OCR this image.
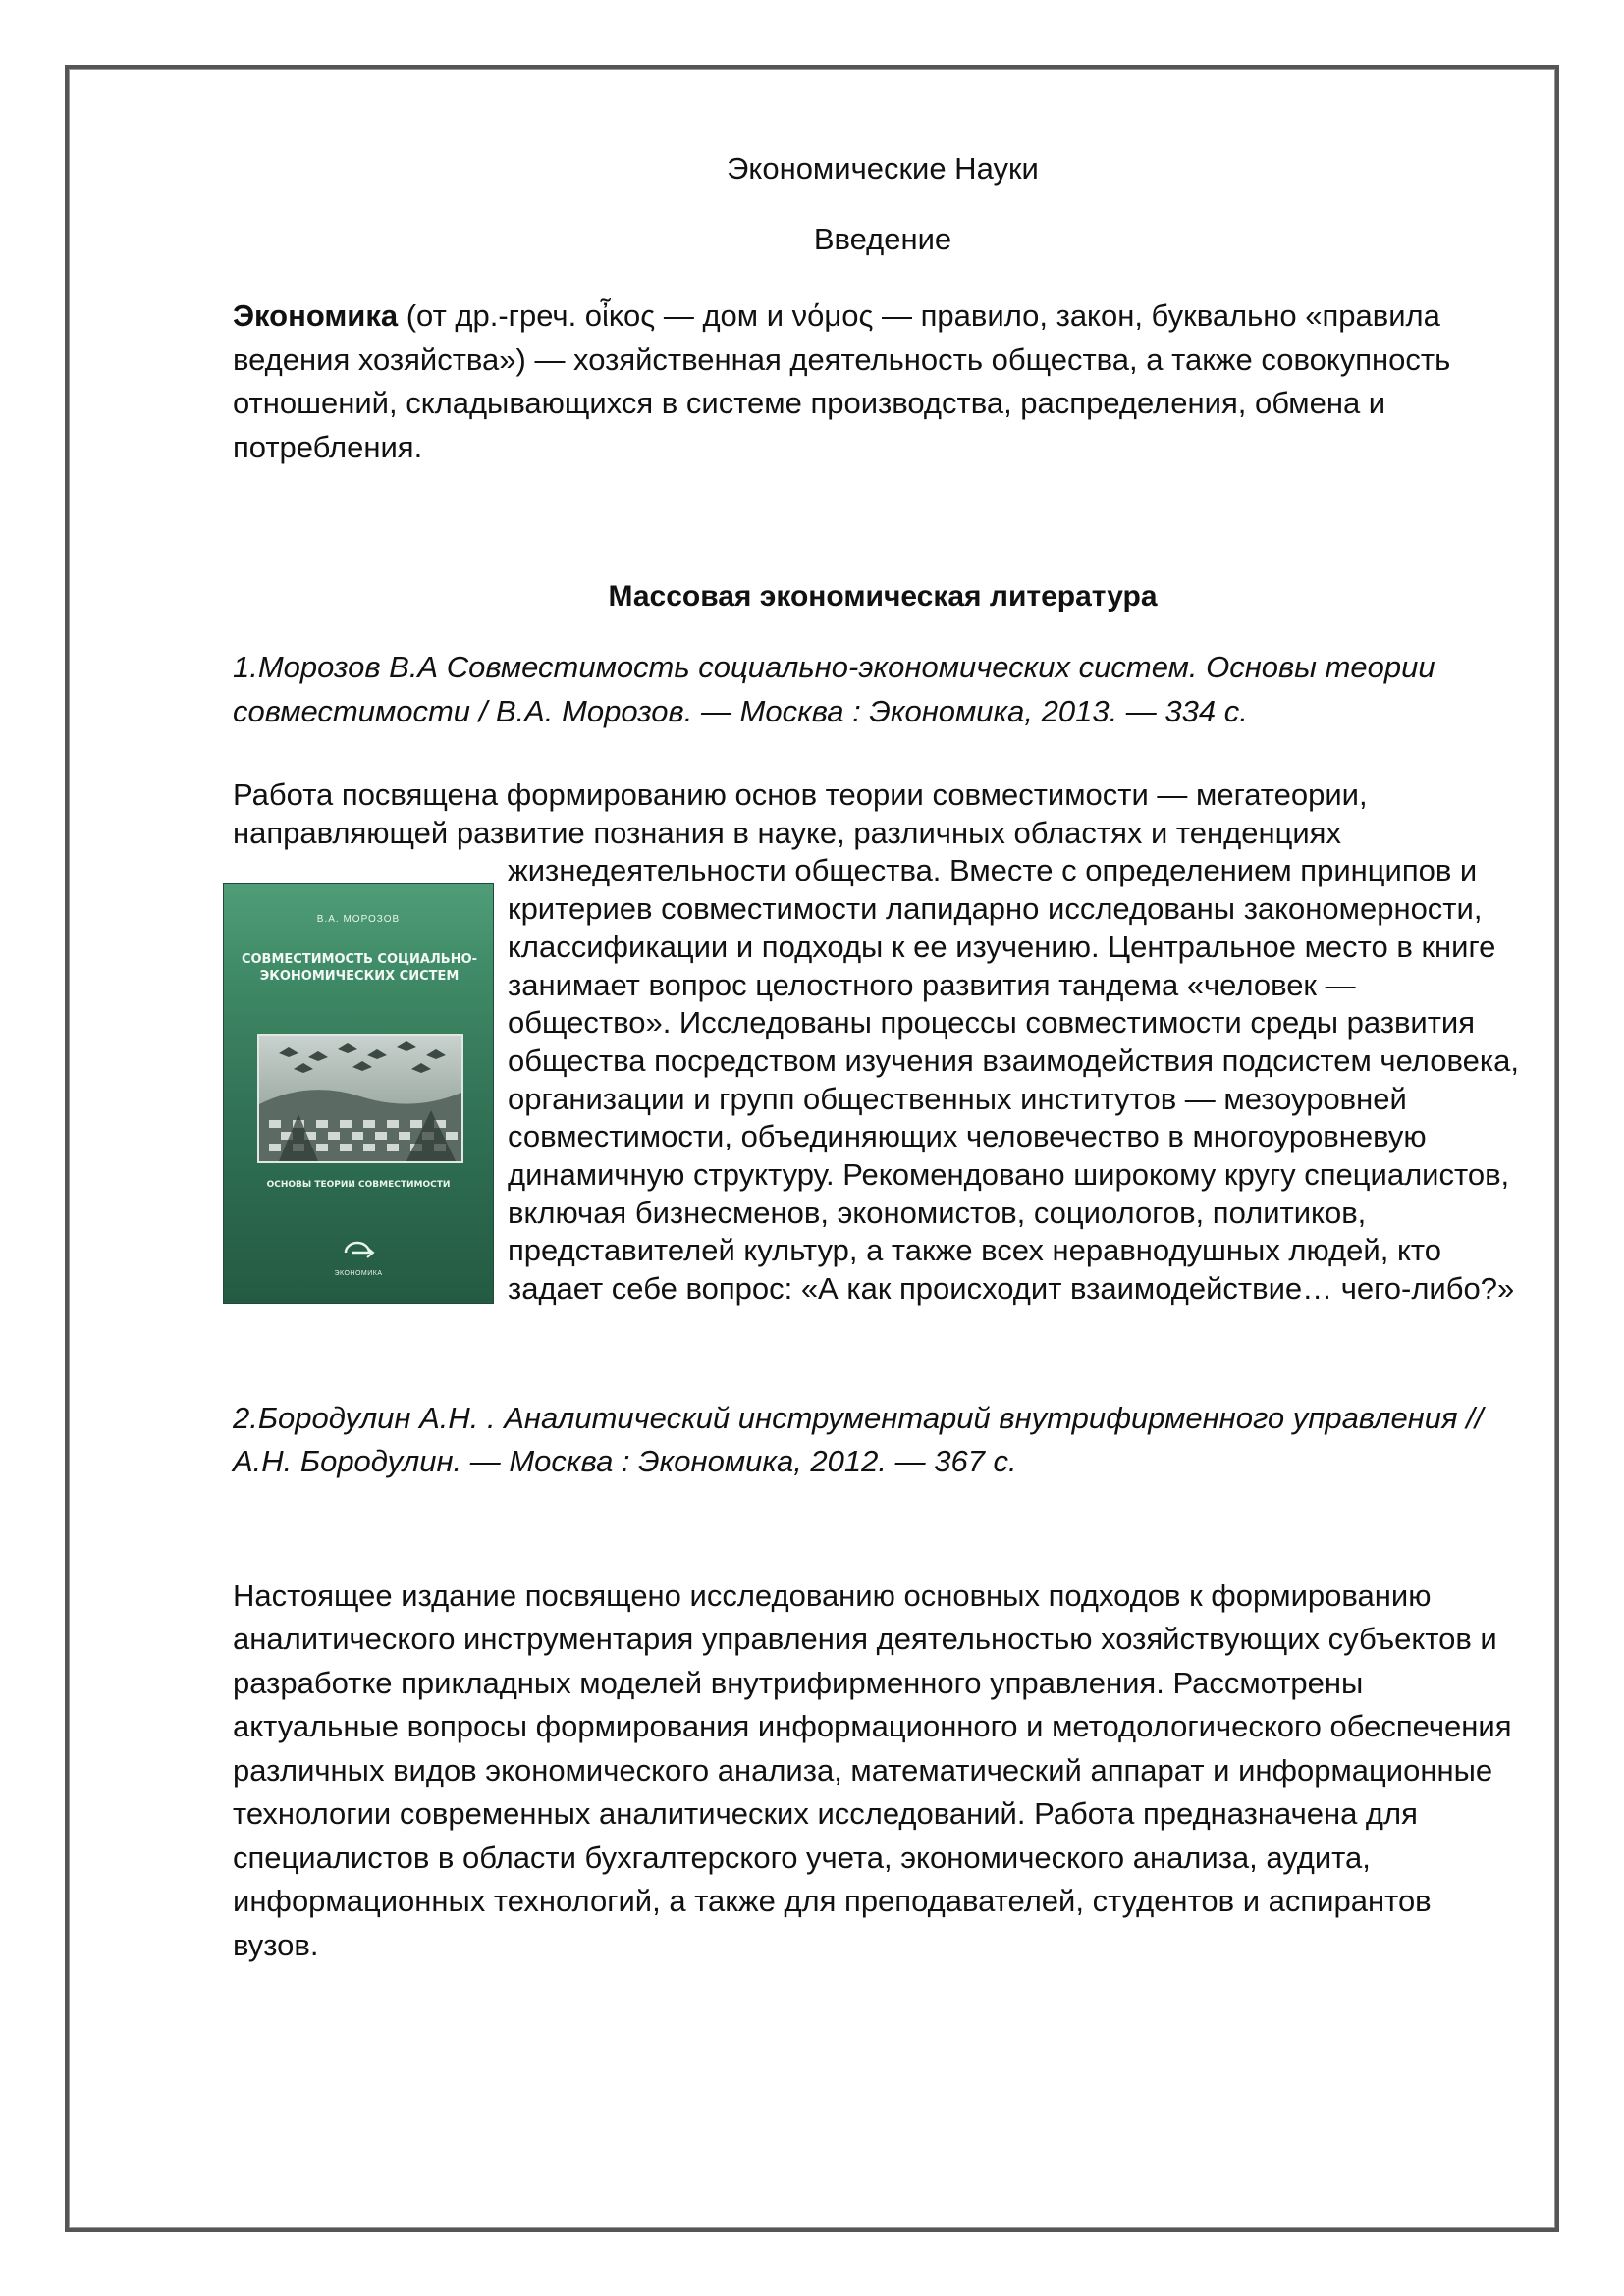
Экономические Науки
Введение

Экономика (от др.-греч. οἶκος — дом и νόμος — правило, закон, буквально «правила ведения хозяйства») — хозяйственная деятельность общества, а также совокупность отношений, складывающихся в системе производства, распределения, обмена и потребления.

Массовая экономическая литература

1.Морозов В.А Совместимость социально-экономических систем. Основы теории совместимости / В.А. Морозов. — Москва : Экономика, 2013. — 334 с.

Работа посвящена формированию основ теории совместимости — мегатеории, направляющей развитие познания в науке, различных областях и тенденциях
В.А. МОРОЗОВ
СОВМЕСТИМОСТЬ СОЦИАЛЬНО-ЭКОНОМИЧЕСКИХ СИСТЕМ
ОСНОВЫ ТЕОРИИ СОВМЕСТИМОСТИ
ЭКОНОМИКА
жизнедеятельности общества. Вместе с определением принципов и критериев совместимости лапидарно исследованы закономерности, классификации и подходы к ее изучению. Центральное место в книге занимает вопрос целостного развития тандема «человек — общество». Исследованы процессы совместимости среды развития общества посредством изучения взаимодействия подсистем человека, организации и групп общественных институтов — мезоуровней совместимости, объединяющих человечество в многоуровневую динамичную структуру. Рекомендовано широкому кругу специалистов, включая бизнесменов, экономистов, социологов, политиков, представителей культур, а также всех неравнодушных людей, кто задает себе вопрос: «А как происходит взаимодействие… чего-либо?»

2.Бородулин А.Н. . Аналитический инструментарий внутрифирменного управления // А.Н. Бородулин. — Москва : Экономика, 2012. — 367 с.

Настоящее издание посвящено исследованию основных подходов к формированию аналитического инструментария управления деятельностью хозяйствующих субъектов и разработке прикладных моделей внутрифирменного управления. Рассмотрены актуальные вопросы формирования информационного и методологического обеспечения различных видов экономического анализа, математический аппарат и информационные технологии современных аналитических исследований. Работа предназначена для специалистов в области бухгалтерского учета, экономического анализа, аудита, информационных технологий, а также для преподавателей, студентов и аспирантов вузов.
